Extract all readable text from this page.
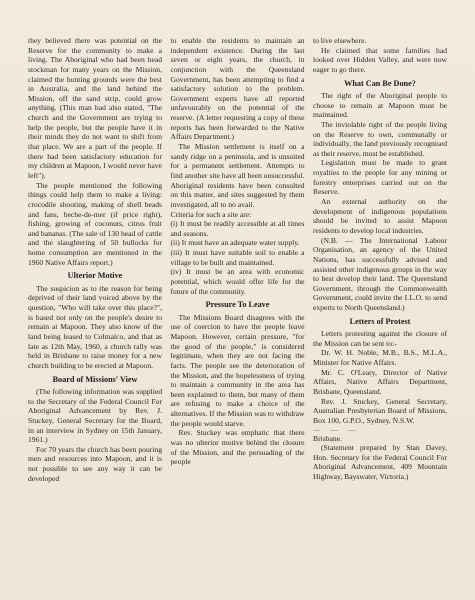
they believed there was potential on the Reserve for the community to make a living. The Aboriginal who had been head stockman for many years on the Mission, claimed the hunting grounds were the best in Australia, and the land behind the Mission, off the sand strip, could grow anything. (This man had also stated, "The church and the Government are trying to help the people, but the people have it in their minds they do not want to shift from that place. We are a part of the people. If there had been satisfactory education for my children at Mapoon, I would never have left").

The people mentioned the following things could help them to make a living: crocodile shooting, making of shell beads and fans, beche-de-mer (if price right), fishing, growing of coconuts, citrus fruit and bananas. (The sale of 130 head of cattle and the slaughtering of 50 bullocks for home consumption are mentioned in the 1960 Native Affairs report.)

Ulterior Motive

The suspicion as to the reason for being deprived of their land voiced above by the question, "Who will take over this place?", is based not only on the people's desire to remain at Mapoon. They also know of the land being leased to Colmalco, and that as late as 12th May, 1960, a church rally was held in Brisbane to raise money for a new church building to be erected at Mapoon.

Board of Missions' View

(The following information was supplied to the Secretary of the Federal Council For Aboriginal Advancement by Rev. J. Stuckey, General Secretary for the Board, in an interview in Sydney on 15th January, 1961.)

For 70 years the church has been pouring men and resources into Mapoon, and it is not possible to see any way it can be developed

to enable the residents to maintain an independent existence. During the last seven or eight years, the church, in conjunction with the Queensland Government, has been attempting to find a satisfactory solution to the problem. Government experts have all reported unfavourably on the potential of the reserve. (A letter requesting a copy of these reports has been forwarded to the Native Affairs Department.)

The Mission settlement is itself on a sandy ridge on a peninsula, and is unsuited for a permanent settlement. Attempts to find another site have all been unsuccessful. Aboriginal residents have been consulted on this matter, and sites suggested by them investigated, all to no avail.

Criteria for such a site are:

(i) It must be readily accessible at all times and seasons.

(ii) It must have an adequate water supply.

(iii) It must have suitable soil to enable a village to be built and maintained.

(iv) It must be an area with economic potential, which would offer life for the future of the community.

Pressure To Leave

The Missions Board disagrees with the use of coercion to have the people leave Mapoon. However, certain pressure, "for the good of the people," is considered legitimate, when they are not facing the facts. The people see the deterioration of the Mission, and the hopelessness of trying to maintain a community in the area has been explained to them, but many of them are refusing to make a choice of the alternatives. If the Mission was to withdraw the people would starve.

Rev. Stuckey was emphatic that there was no ulterior motive behind the closure of the Mission, and the persuading of the people

to live elsewhere.

He claimed that some families had looked over Hidden Valley, and were now eager to go there.

What Can Be Done?

The right of the Aboriginal people to choose to remain at Mapoon must be maintained.

The inviolable right of the people living on the Reserve to own, communally or individually, the land previously recognised as their reserve, must be established.

Legislation must be made to grant royalties to the people for any mining or forestry enterprises carried out on the Reserve.

An external authority on the development of indigenous populations should be invited to assist Mapoon residents to develop local industries.

(N.B. — The International Labour Organisation, an agency of the United Nations, has successfully advised and assisted other indigenous groups in the way to best develop their land. The Queensland Government, through the Commonwealth Government, could invite the I.L.O. to send experts to North Queensland.)

Letters of Protest

Letters protesting against the closure of the Mission can be sent to:-

Dr. W. H. Noble, M.B., B.S., M.L.A., Minister for Native Affairs.

Mr. C. O'Leary, Director of Native Affairs, Native Affairs Department, Brisbane, Queensland.

Rev. J. Stuckey, General Secretary, Australian Presbyterian Board of Missions, Box 100, G.P.O., Sydney, N.S.W.

— — —

Brisbane.

(Statement prepared by Stan Davey, Hon. Secretary for the Federal Council For Aboriginal Advancement, 409 Mountain Highway, Bayswater, Victoria.)
